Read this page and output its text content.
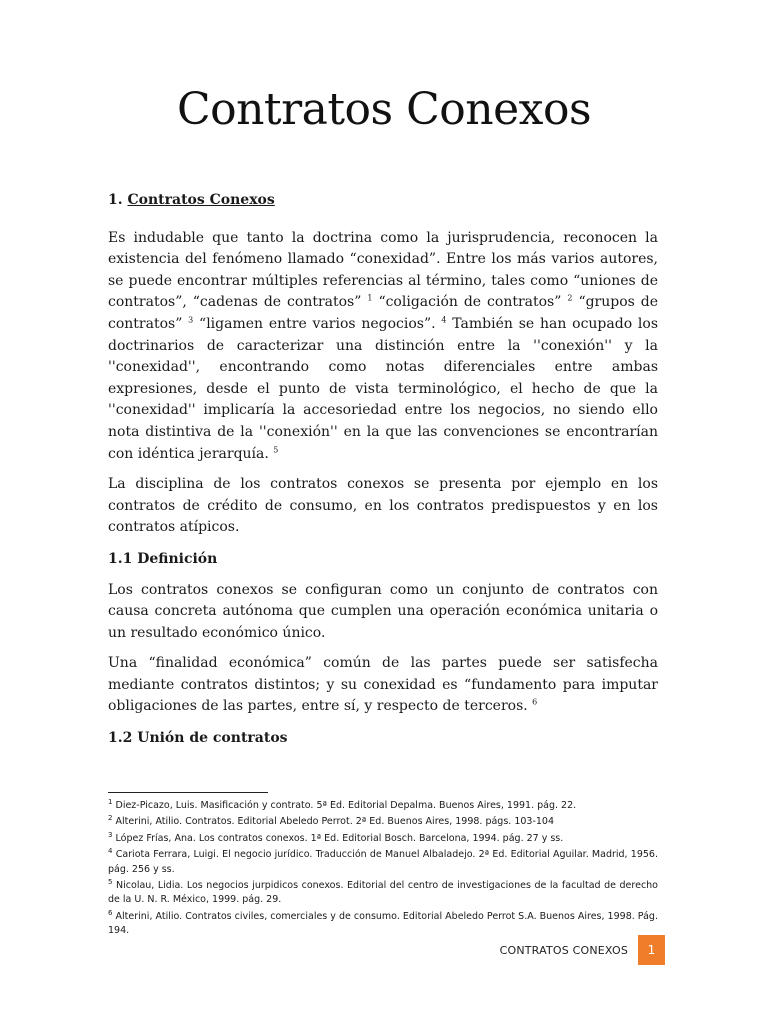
Contratos Conexos

1. Contratos Conexos

Es indudable que tanto la doctrina como la jurisprudencia, reconocen la existencia del fenómeno llamado “conexidad”. Entre los más varios autores, se puede encontrar múltiples referencias al término, tales como “uniones de contratos”, “cadenas de contratos” $^1$ “coligación de contratos” $^2$ “grupos de contratos” $^3$ “ligamen entre varios negocios”. $^4$ También se han ocupado los doctrinarios de caracterizar una distinción entre la ''conexión'' y la ''conexidad'', encontrando como notas diferenciales entre ambas expresiones, desde el punto de vista terminológico, el hecho de que la ''conexidad'' implicaría la accesoriedad entre los negocios, no siendo ello nota distintiva de la ''conexión'' en la que las convenciones se encontrarían con idéntica jerarquía. $^5$

La disciplina de los contratos conexos se presenta por ejemplo en los contratos de crédito de consumo, en los contratos predispuestos y en los contratos atípicos.

1.1 Definición

Los contratos conexos se configuran como un conjunto de contratos con causa concreta autónoma que cumplen una operación económica unitaria o un resultado económico único.

Una “finalidad económica” común de las partes puede ser satisfecha mediante contratos distintos; y su conexidad es “fundamento para imputar obligaciones de las partes, entre sí, y respecto de terceros. $^6$

1.2 Unión de contratos

$^1$ Diez-Picazo, Luis. Masificación y contrato. 5ª Ed. Editorial Depalma. Buenos Aires, 1991. pág. 22.

$^2$ Alterini, Atilio. Contratos. Editorial Abeledo Perrot. 2ª Ed. Buenos Aires, 1998. págs. 103-104

$^3$ López Frías, Ana. Los contratos conexos. 1ª Ed. Editorial Bosch. Barcelona, 1994. pág. 27 y ss.

$^4$ Cariota Ferrara, Luigi. El negocio jurídico. Traducción de Manuel Albaladejo. 2ª Ed. Editorial Aguilar. Madrid, 1956. pág. 256 y ss.

$^5$ Nicolau, Lidia. Los negocios jurpidicos conexos. Editorial del centro de investigaciones de la facultad de derecho de la U. N. R. México, 1999. pág. 29.

$^6$ Alterini, Atilio. Contratos civiles, comerciales y de consumo. Editorial Abeledo Perrot S.A. Buenos Aires, 1998. Pág. 194.

CONTRATOS CONEXOS	1
